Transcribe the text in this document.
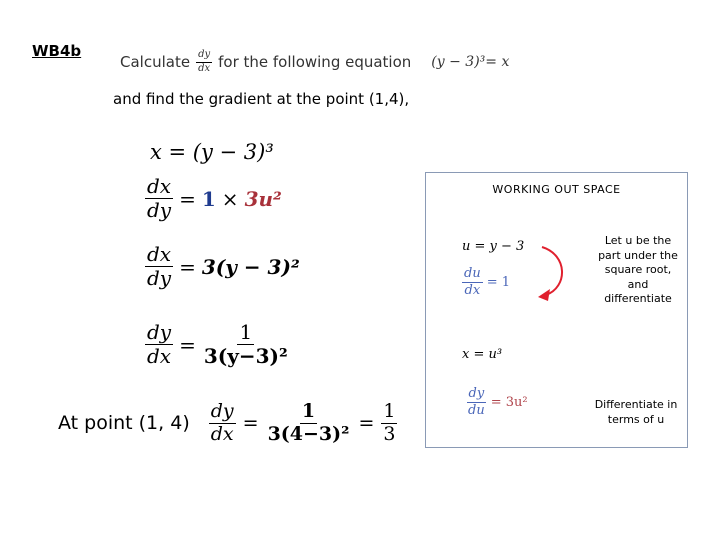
WB4b
Calculate $\frac{dy}{dx}$ for the following equation (y − 3)³= x
and find the gradient at the point (1,4),
x = (y − 3)³
$\frac{dx}{dy} = 1 \times 3u^2$
$\frac{dx}{dy} = 3(y - 3)^2$
$\frac{dy}{dx} = \frac{1}{\text{3(y−3)²}}$
At point (1, $4) \frac{dy}{dx} = \frac{1}{\text{3(4−3)²}} = \frac{1}{3}$
WORKING OUT SPACE
u = y − 3
$\frac{du}{dx} = 1$
Let u be the part under the square root, and differentiate
x = u³
$\frac{dy}{du} = 3u^2$	Differentiate in terms of u
